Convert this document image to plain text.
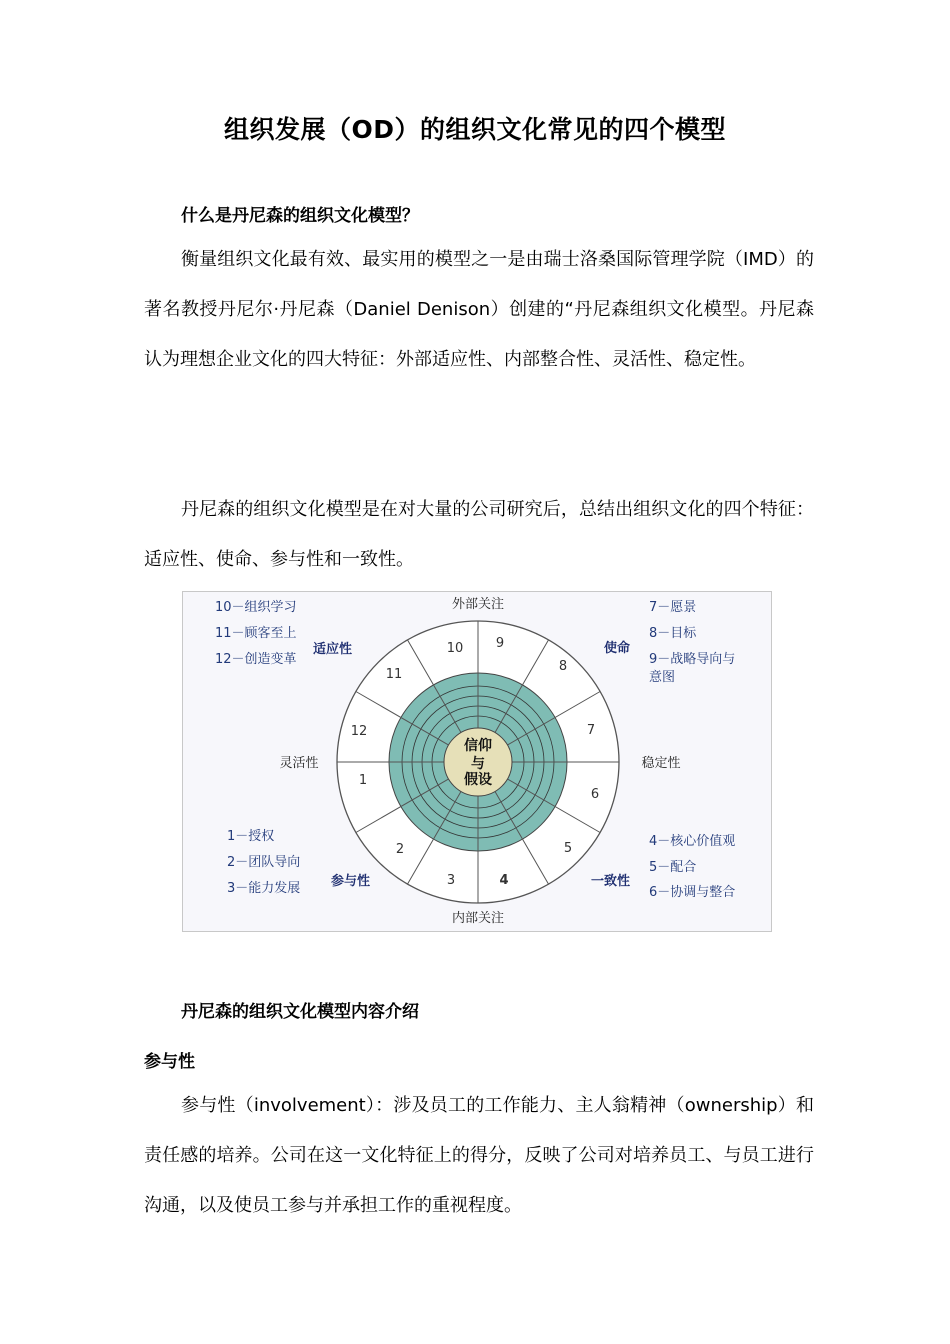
组织发展（OD）的组织文化常见的四个模型
什么是丹尼森的组织文化模型？

衡量组织文化最有效、最实用的模型之一是由瑞士洛桑国际管理学院（IMD）的著名教授丹尼尔·丹尼森（Daniel Denison）创建的“丹尼森组织文化模型。丹尼森认为理想企业文化的四大特征：外部适应性、内部整合性、灵活性、稳定性。

丹尼森的组织文化模型是在对大量的公司研究后，总结出组织文化的四个特征：适应性、使命、参与性和一致性。

信仰
与
假设
1
2
3	4
5
6
7
8
9
10
11
12
外部关注
内部关注
灵活性	稳定性
适应性	使命
参与性	一致性
10－组织学习
11－顾客至上
12－创造变革
7－愿景
8－目标
9－战略导向与
意图
1－授权
2－团队导向
3－能力发展
4－核心价值观
5－配合
6－协调与整合
丹尼森的组织文化模型内容介绍
参与性

参与性（involvement）：涉及员工的工作能力、主人翁精神（ownership）和责任感的培养。公司在这一文化特征上的得分，反映了公司对培养员工、与员工进行沟通，以及使员工参与并承担工作的重视程度。
